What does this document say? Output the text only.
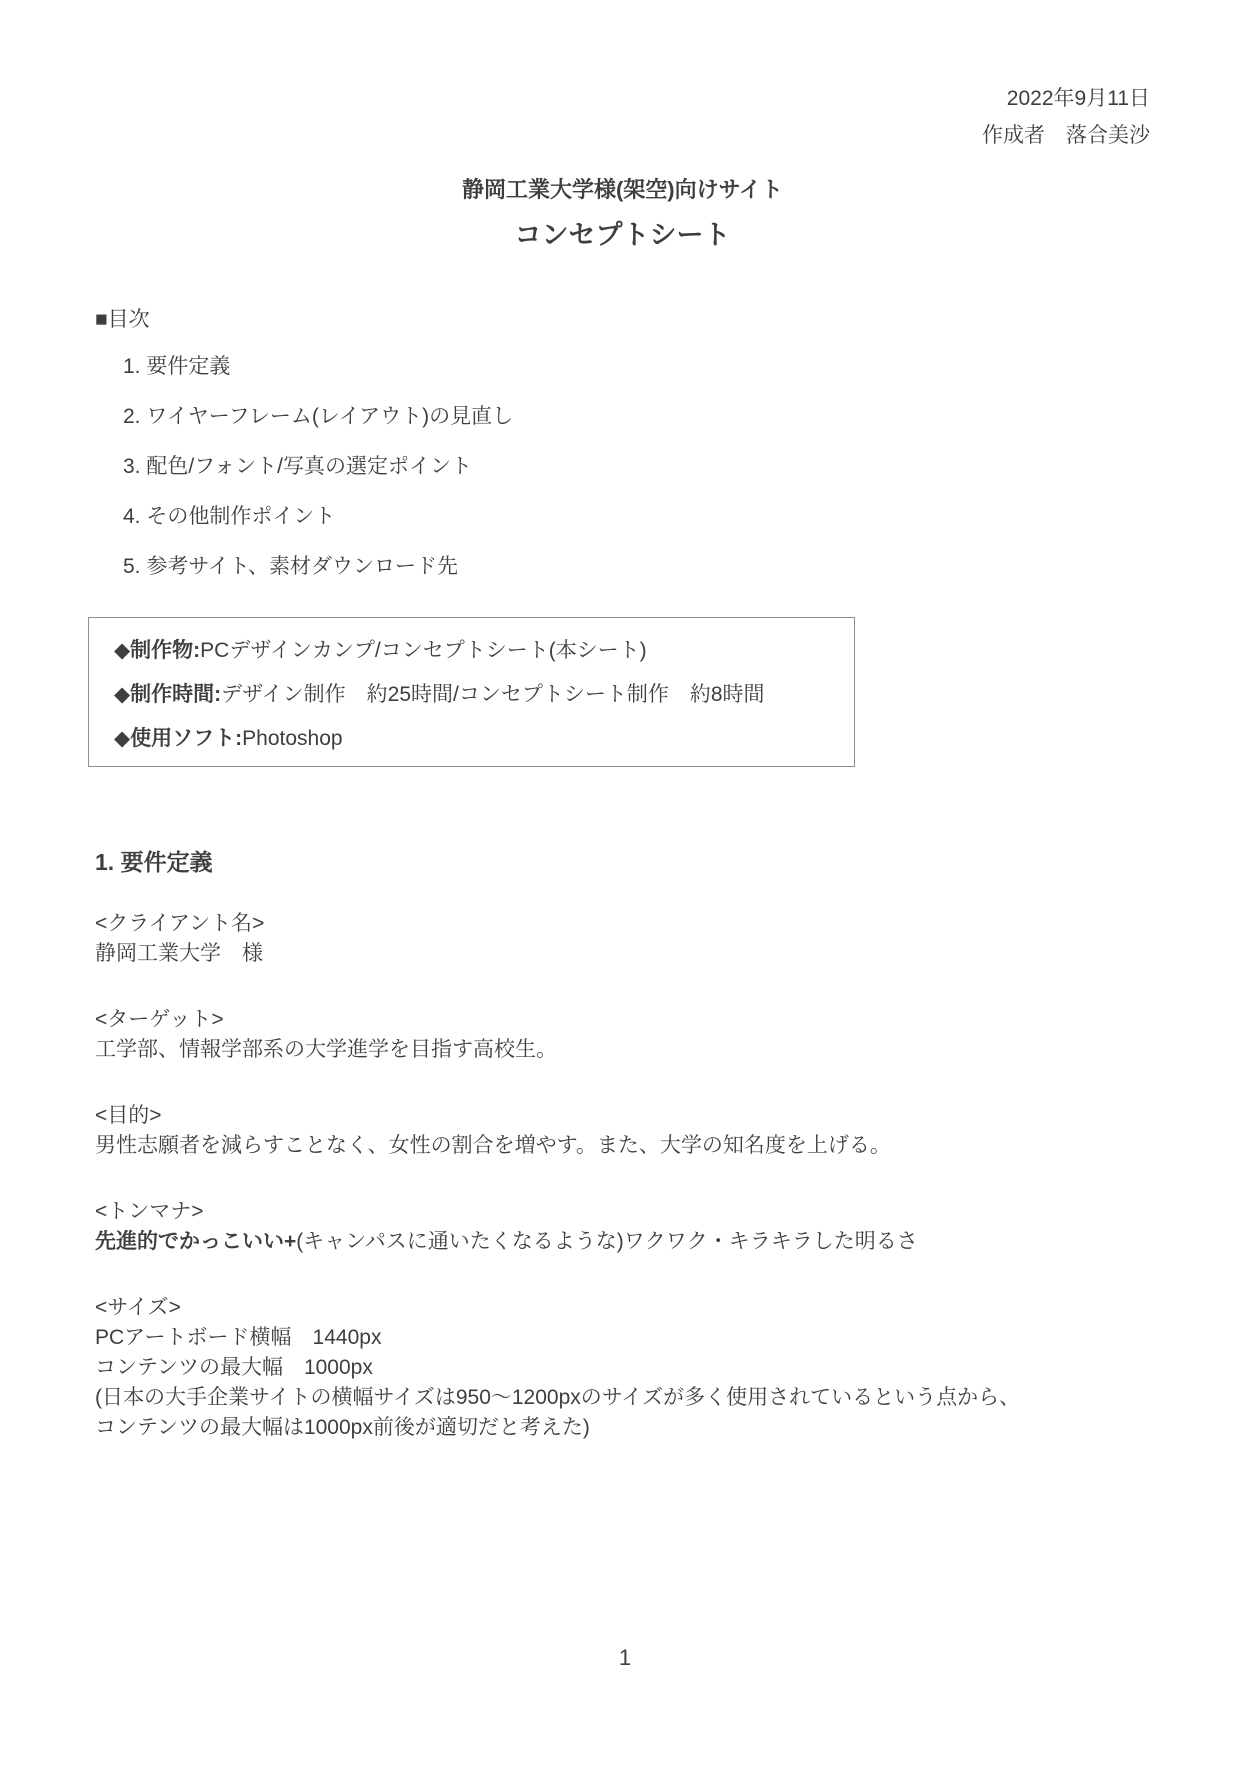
2022年9月11日
作成者　落合美沙
静岡工業大学様(架空)向けサイト
コンセプトシート
■目次
1. 要件定義
2. ワイヤーフレーム(レイアウト)の見直し
3. 配色/フォント/写真の選定ポイント
4. その他制作ポイント
5. 参考サイト、素材ダウンロード先
◆制作物:PCデザインカンプ/コンセプトシート(本シート)
◆制作時間:デザイン制作　約25時間/コンセプトシート制作　約8時間
◆使用ソフト:Photoshop
1. 要件定義
<クライアント名>
静岡工業大学　様
<ターゲット>
工学部、情報学部系の大学進学を目指す高校生。
<目的>
男性志願者を減らすことなく、女性の割合を増やす。また、大学の知名度を上げる。
<トンマナ>
先進的でかっこいい+(キャンパスに通いたくなるような)ワクワク・キラキラした明るさ
<サイズ>
PCアートボード横幅　1440px
コンテンツの最大幅　1000px
(日本の大手企業サイトの横幅サイズは950〜1200pxのサイズが多く使用されているという点から、
コンテンツの最大幅は1000px前後が適切だと考えた)
1
